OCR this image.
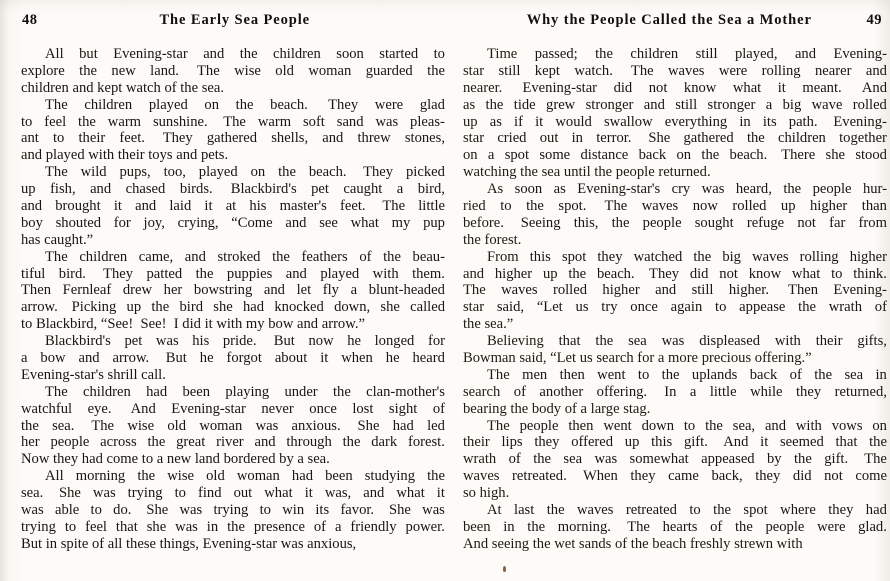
48	The Early Sea People	49
Why the People Called the Sea a Mother

All but Evening-star and the children soon started to
explore the new land. The wise old woman guarded the
children and kept watch of the sea.

The children played on the beach. They were glad
to feel the warm sunshine. The warm soft sand was pleas-
ant to their feet. They gathered shells, and threw stones,
and played with their toys and pets.

The wild pups, too, played on the beach. They picked
up fish, and chased birds. Blackbird's pet caught a bird,
and brought it and laid it at his master's feet. The little
boy shouted for joy, crying, “Come and see what my pup
has caught.”

The children came, and stroked the feathers of the beau-
tiful bird. They patted the puppies and played with them.
Then Fernleaf drew her bowstring and let fly a blunt-headed
arrow. Picking up the bird she had knocked down, she called
to Blackbird, “See!  See!  I did it with my bow and arrow.”

Blackbird's pet was his pride. But now he longed for
a bow and arrow. But he forgot about it when he heard
Evening-star's shrill call.

The children had been playing under the clan-mother's
watchful eye. And Evening-star never once lost sight of
the sea. The wise old woman was anxious. She had led
her people across the great river and through the dark forest.
Now they had come to a new land bordered by a sea.

All morning the wise old woman had been studying the
sea. She was trying to find out what it was, and what it
was able to do. She was trying to win its favor. She was
trying to feel that she was in the presence of a friendly power.
But in spite of all these things, Evening-star was anxious,

Time passed; the children still played, and Evening-
star still kept watch. The waves were rolling nearer and
nearer. Evening-star did not know what it meant. And
as the tide grew stronger and still stronger a big wave rolled
up as if it would swallow everything in its path. Evening-
star cried out in terror. She gathered the children together
on a spot some distance back on the beach. There she stood
watching the sea until the people returned.

As soon as Evening-star's cry was heard, the people hur-
ried to the spot. The waves now rolled up higher than
before. Seeing this, the people sought refuge not far from
the forest.

From this spot they watched the big waves rolling higher
and higher up the beach. They did not know what to think.
The waves rolled higher and still higher. Then Evening-
star said, “Let us try once again to appease the wrath of
the sea.”

Believing that the sea was displeased with their gifts,
Bowman said, “Let us search for a more precious offering.”

The men then went to the uplands back of the sea in
search of another offering. In a little while they returned,
bearing the body of a large stag.

The people then went down to the sea, and with vows on
their lips they offered up this gift. And it seemed that the
wrath of the sea was somewhat appeased by the gift. The
waves retreated. When they came back, they did not come
so high.

At last the waves retreated to the spot where they had
been in the morning. The hearts of the people were glad.
And seeing the wet sands of the beach freshly strewn with
